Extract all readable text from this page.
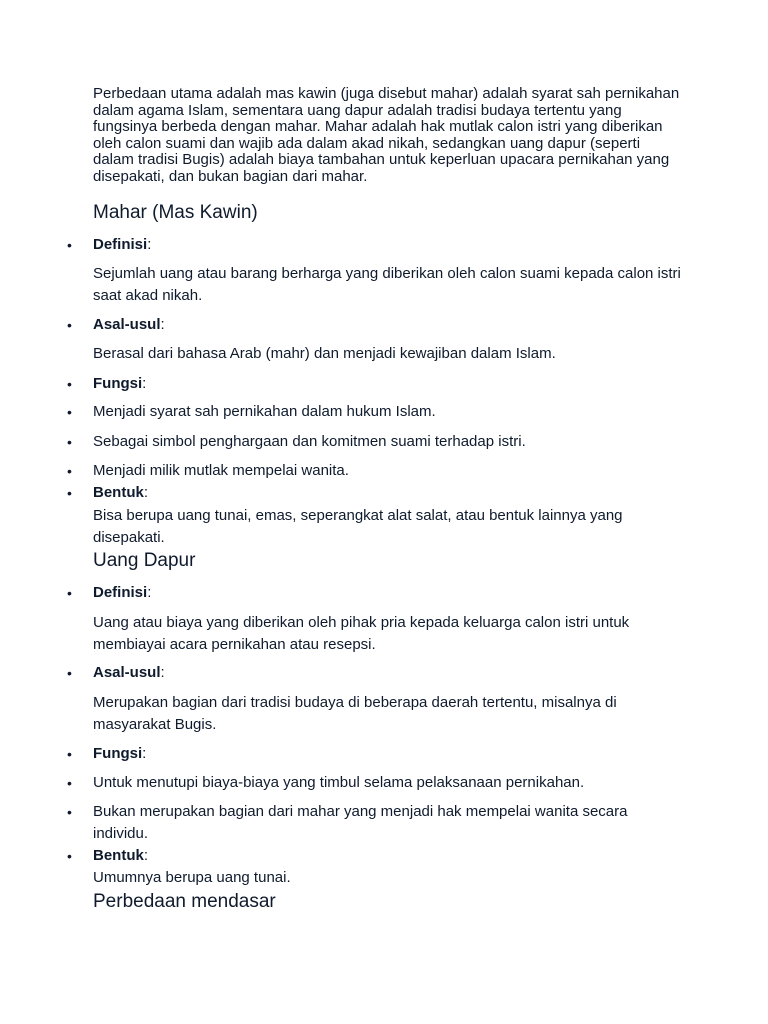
Perbedaan utama adalah mas kawin (juga disebut mahar) adalah syarat sah pernikahan dalam agama Islam, sementara uang dapur adalah tradisi budaya tertentu yang fungsinya berbeda dengan mahar. Mahar adalah hak mutlak calon istri yang diberikan oleh calon suami dan wajib ada dalam akad nikah, sedangkan uang dapur (seperti dalam tradisi Bugis) adalah biaya tambahan untuk keperluan upacara pernikahan yang disepakati, dan bukan bagian dari mahar.

Mahar (Mas Kawin)
• Definisi:

Sejumlah uang atau barang berharga yang diberikan oleh calon suami kepada calon istri saat akad nikah.

• Asal-usul:

Berasal dari bahasa Arab (mahr) dan menjadi kewajiban dalam Islam.

• Fungsi:
• Menjadi syarat sah pernikahan dalam hukum Islam.
• Sebagai simbol penghargaan dan komitmen suami terhadap istri.
• Menjadi milik mutlak mempelai wanita.
• Bentuk:

Bisa berupa uang tunai, emas, seperangkat alat salat, atau bentuk lainnya yang disepakati.

Uang Dapur
• Definisi:

Uang atau biaya yang diberikan oleh pihak pria kepada keluarga calon istri untuk membiayai acara pernikahan atau resepsi.

• Asal-usul:

Merupakan bagian dari tradisi budaya di beberapa daerah tertentu, misalnya di masyarakat Bugis.

• Fungsi:
• Untuk menutupi biaya-biaya yang timbul selama pelaksanaan pernikahan.
• Bukan merupakan bagian dari mahar yang menjadi hak mempelai wanita secara individu.
• Bentuk:

Umumnya berupa uang tunai.

Perbedaan mendasar
